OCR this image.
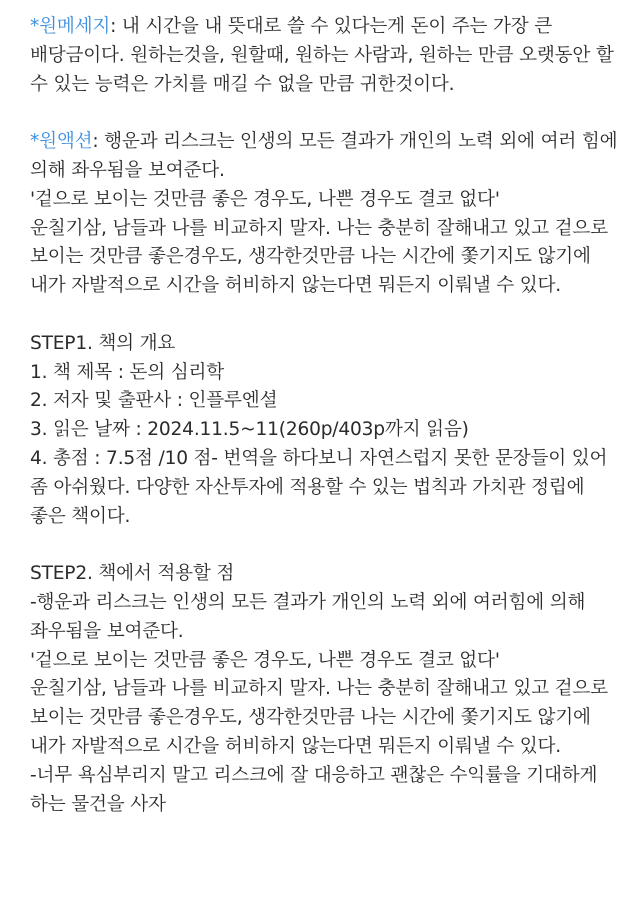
*원메세지: 내 시간을 내 뜻대로 쓸 수 있다는게 돈이 주는 가장 큰 배당금이다. 원하는것을, 원할때, 원하는 사람과, 원하는 만큼 오랫동안 할 수 있는 능력은 가치를 매길 수 없을 만큼 귀한것이다.

*원액션: 행운과 리스크는 인생의 모든 결과가 개인의 노력 외에 여러 힘에 의해 좌우됨을 보여준다.

'겉으로 보이는 것만큼 좋은 경우도, 나쁜 경우도 결코 없다'

운칠기삼, 남들과 나를 비교하지 말자. 나는 충분히 잘해내고 있고 겉으로 보이는 것만큼 좋은경우도, 생각한것만큼 나는 시간에 쫓기지도 않기에 내가 자발적으로 시간을 허비하지 않는다면 뭐든지 이뤄낼 수 있다.

STEP1. 책의 개요

1. 책 제목 : 돈의 심리학

2. 저자 및 출판사 : 인플루엔셜

3. 읽은 날짜 : 2024.11.5~11(260p/403p까지 읽음)

4. 총점 : 7.5점 /10 점- 번역을 하다보니 자연스럽지 못한 문장들이 있어 좀 아쉬웠다. 다양한 자산투자에 적용할 수 있는 법칙과 가치관 정립에 좋은 책이다.

STEP2. 책에서 적용할 점

-행운과 리스크는 인생의 모든 결과가 개인의 노력 외에 여러힘에 의해 좌우됨을 보여준다.

'겉으로 보이는 것만큼 좋은 경우도, 나쁜 경우도 결코 없다'

운칠기삼, 남들과 나를 비교하지 말자. 나는 충분히 잘해내고 있고 겉으로 보이는 것만큼 좋은경우도, 생각한것만큼 나는 시간에 쫓기지도 않기에 내가 자발적으로 시간을 허비하지 않는다면 뭐든지 이뤄낼 수 있다.

-너무 욕심부리지 말고 리스크에 잘 대응하고 괜찮은 수익률을 기대하게 하는 물건을 사자
